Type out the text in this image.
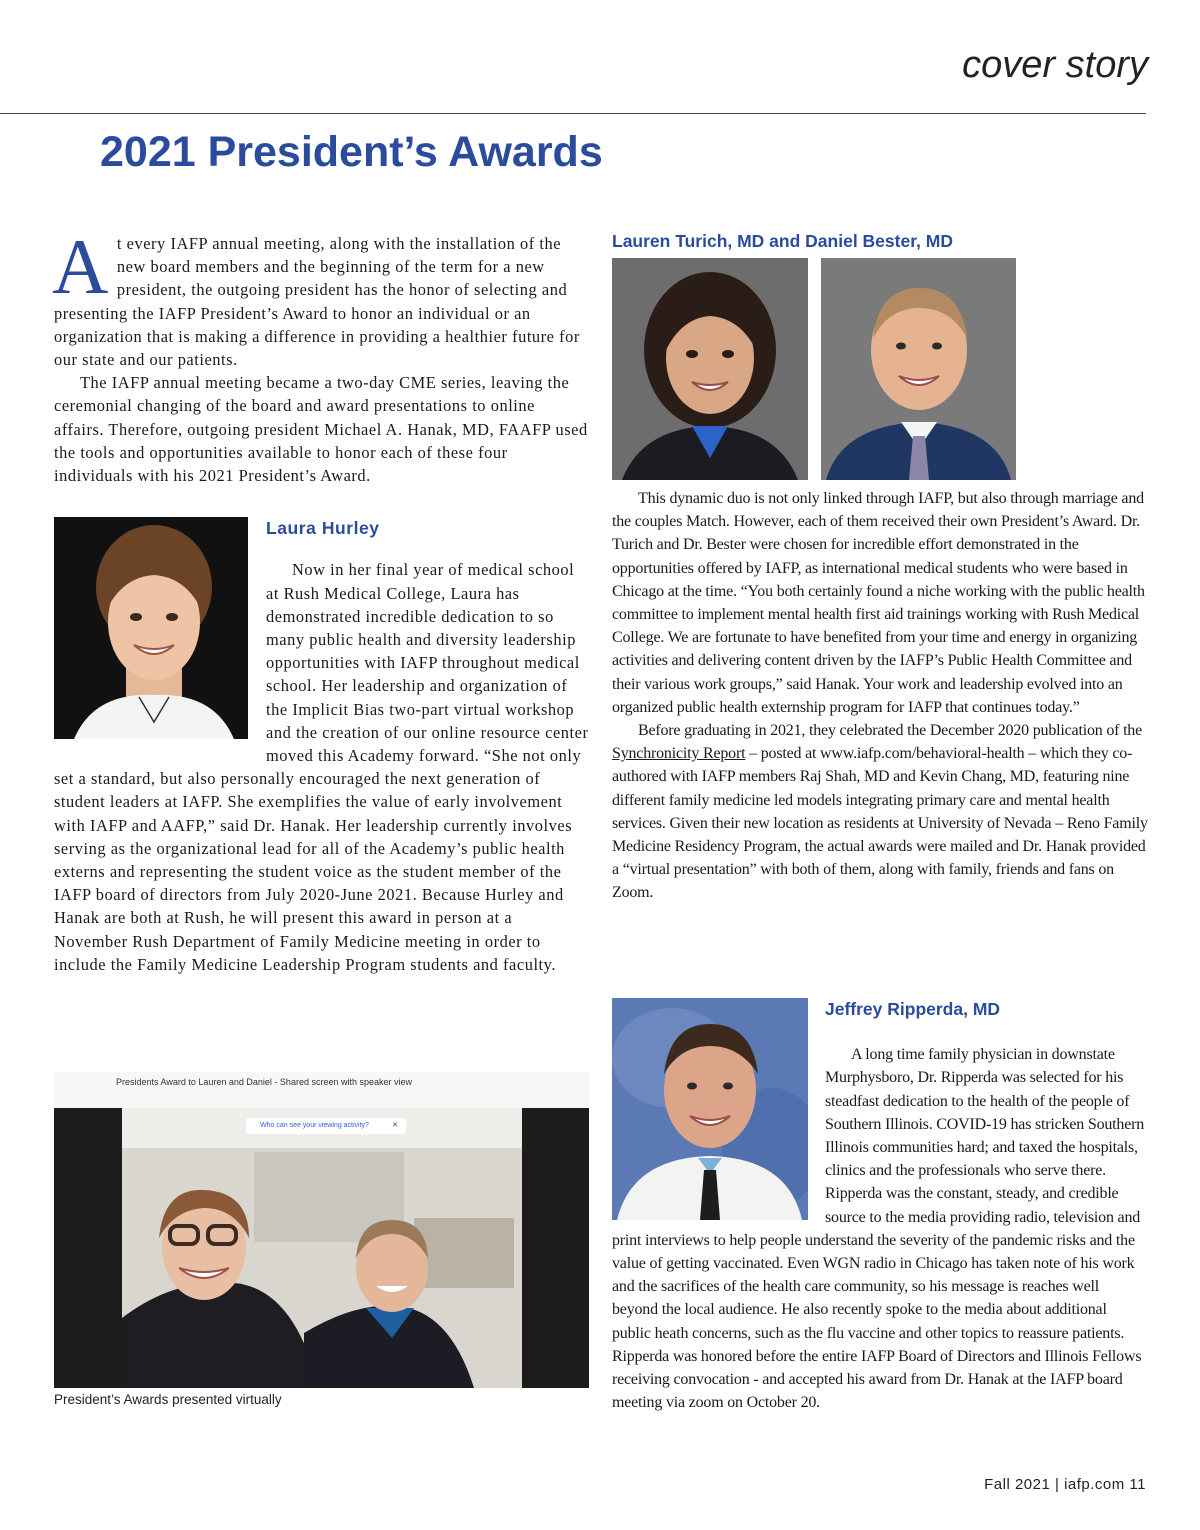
cover story
2021 President’s Awards

At every IAFP annual meeting, along with the installation of the new board members and the beginning of the term for a new president, the outgoing president has the honor of selecting and presenting the IAFP President’s Award to honor an individual or an organization that is making a difference in providing a healthier future for our state and our patients.

The IAFP annual meeting became a two-day CME series, leaving the ceremonial changing of the board and award presentations to online affairs. Therefore, outgoing president Michael A. Hanak, MD, FAAFP used the tools and opportunities available to honor each of these four individuals with his 2021 President’s Award.

Laura Hurley

Now in her final year of medical school at Rush Medical College, Laura has demonstrated incredible dedication to so many public health and diversity leadership opportunities with IAFP throughout medical school. Her leadership and organization of the Implicit Bias two-part virtual workshop and the creation of our online resource center moved this Academy forward. “She not only set a standard, but also personally encouraged the next generation of student leaders at IAFP. She exemplifies the value of early involvement with IAFP and AAFP,” said Dr. Hanak. Her leadership currently involves serving as the organizational lead for all of the Academy’s public health externs and representing the student voice as the student member of the IAFP board of directors from July 2020-June 2021. Because Hurley and Hanak are both at Rush, he will present this award in person at a November Rush Department of Family Medicine meeting in order to include the Family Medicine Leadership Program students and faculty.

Presidents Award to Lauren and Daniel - Shared screen with speaker view
Who can see your viewing activity?	✕
President’s Awards presented virtually

Lauren Turich, MD and Daniel Bester, MD

This dynamic duo is not only linked through IAFP, but also through marriage and the couples Match. However, each of them received their own President’s Award. Dr. Turich and Dr. Bester were chosen for incredible effort demonstrated in the opportunities offered by IAFP, as international medical students who were based in Chicago at the time. “You both certainly found a niche working with the public health committee to implement mental health first aid trainings working with Rush Medical College. We are fortunate to have benefited from your time and energy in organizing activities and delivering content driven by the IAFP’s Public Health Committee and their various work groups,” said Hanak. Your work and leadership evolved into an organized public health externship program for IAFP that continues today.”

Before graduating in 2021, they celebrated the December 2020 publication of the Synchronicity Report – posted at www.iafp.com/behavioral-health – which they co-authored with IAFP members Raj Shah, MD and Kevin Chang, MD, featuring nine different family medicine led models integrating primary care and mental health services. Given their new location as residents at University of Nevada – Reno Family Medicine Residency Program, the actual awards were mailed and Dr. Hanak provided a “virtual presentation” with both of them, along with family, friends and fans on Zoom.

Jeffrey Ripperda, MD

A long time family physician in downstate Murphysboro, Dr. Ripperda was selected for his steadfast dedication to the health of the people of Southern Illinois. COVID-19 has stricken Southern Illinois communities hard; and taxed the hospitals, clinics and the professionals who serve there. Ripperda was the constant, steady, and credible source to the media providing radio, television and print interviews to help people understand the severity of the pandemic risks and the value of getting vaccinated. Even WGN radio in Chicago has taken note of his work and the sacrifices of the health care community, so his message is reaches well beyond the local audience. He also recently spoke to the media about additional public heath concerns, such as the flu vaccine and other topics to reassure patients. Ripperda was honored before the entire IAFP Board of Directors and Illinois Fellows receiving convocation - and accepted his award from Dr. Hanak at the IAFP board meeting via zoom on October 20.

Fall 2021 | iafp.com 11
